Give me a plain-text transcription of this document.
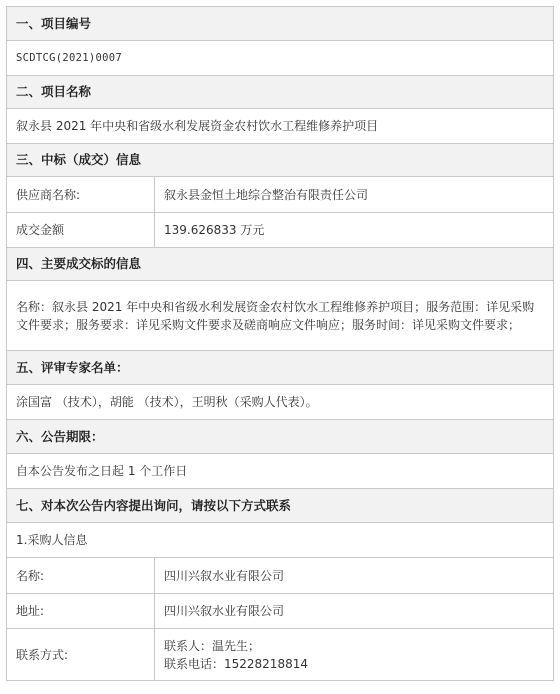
一、项目编号	
SCDTCG(2021)0007	
二、项目名称	
叙永县 2021 年中央和省级水利发展资金农村饮水工程维修养护项目	
三、中标（成交）信息	
供应商名称:	叙永县金恒土地综合整治有限责任公司
成交金额	139.626833 万元
四、主要成交标的信息	
名称：叙永县 2021 年中央和省级水利发展资金农村饮水工程维修养护项目；服务范围：详见采购文件要求；服务要求：详见采购文件要求及磋商响应文件响应；服务时间：详见采购文件要求；	
五、评审专家名单：	
涂国富 （技术），胡能 （技术），王明秋（采购人代表）。	
六、公告期限：	
自本公告发布之日起 1 个工作日	
七、对本次公告内容提出询问，请按以下方式联系	
1.采购人信息	
名称:	四川兴叙水业有限公司
地址:	四川兴叙水业有限公司
联系方式:	联系人：温先生；
联系电话：15228218814
